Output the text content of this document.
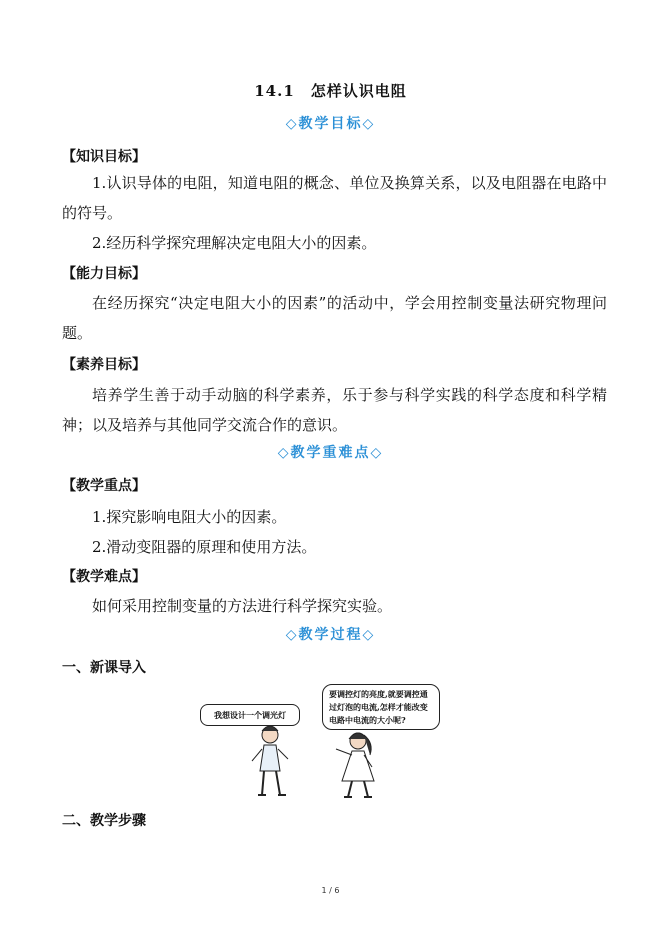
14.1　怎样认识电阻
◇教学目标◇
【知识目标】
1.认识导体的电阻，知道电阻的概念、单位及换算关系，以及电阻器在电路中的符号。
2.经历科学探究理解决定电阻大小的因素。
【能力目标】
在经历探究“决定电阻大小的因素”的活动中，学会用控制变量法研究物理问题。
【素养目标】
培养学生善于动手动脑的科学素养，乐于参与科学实践的科学态度和科学精神；以及培养与其他同学交流合作的意识。
◇教学重难点◇
【教学重点】
1.探究影响电阻大小的因素。
2.滑动变阻器的原理和使用方法。
【教学难点】
如何采用控制变量的方法进行科学探究实验。
◇教学过程◇
一、新课导入
我想设计一个调光灯
要调控灯的亮度,就要调控通过灯泡的电流,怎样才能改变电路中电流的大小呢?
二、教学步骤
1 / 6
